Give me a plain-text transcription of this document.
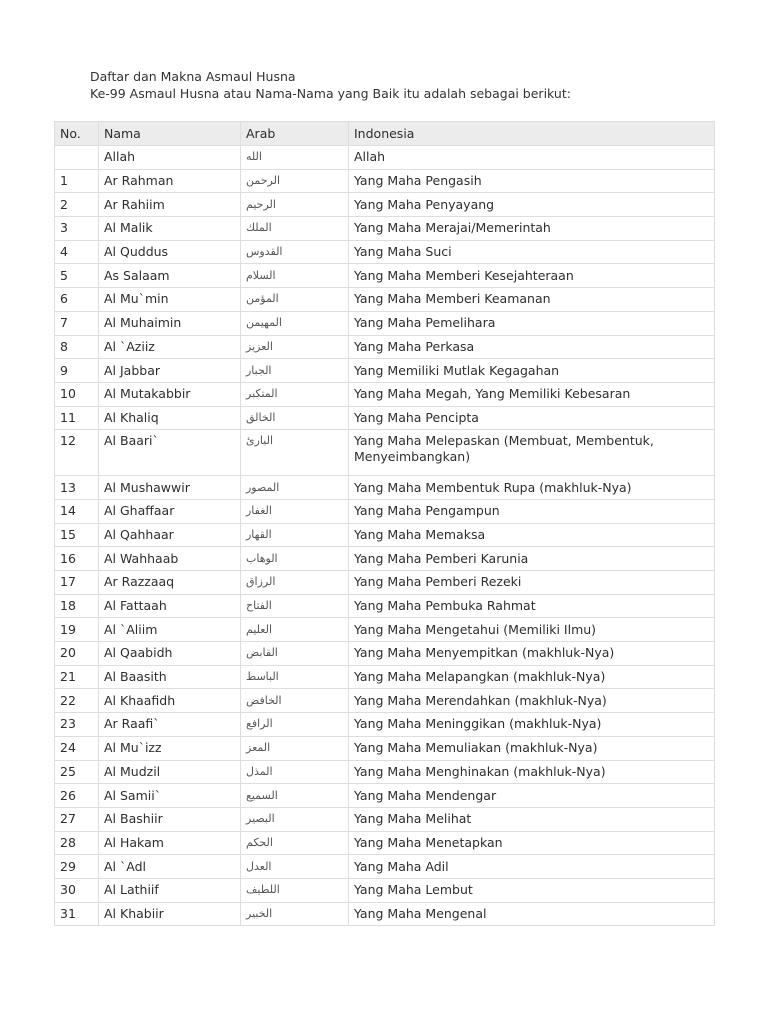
Daftar dan Makna Asmaul Husna
Ke-99 Asmaul Husna atau Nama-Nama yang Baik itu adalah sebagai berikut:
No.	Nama	Arab	Indonesia
	Allah	الله	Allah
1	Ar Rahman	الرحمن	Yang Maha Pengasih
2	Ar Rahiim	الرحيم	Yang Maha Penyayang
3	Al Malik	الملك	Yang Maha Merajai/Memerintah
4	Al Quddus	القدوس	Yang Maha Suci
5	As Salaam	السلام	Yang Maha Memberi Kesejahteraan
6	Al Mu`min	المؤمن	Yang Maha Memberi Keamanan
7	Al Muhaimin	المهيمن	Yang Maha Pemelihara
8	Al `Aziiz	العزيز	Yang Maha Perkasa
9	Al Jabbar	الجبار	Yang Memiliki Mutlak Kegagahan
10	Al Mutakabbir	المتكبر	Yang Maha Megah, Yang Memiliki Kebesaran
11	Al Khaliq	الخالق	Yang Maha Pencipta
12	Al Baari`	البارئ	Yang Maha Melepaskan (Membuat, Membentuk, Menyeimbangkan)
13	Al Mushawwir	المصور	Yang Maha Membentuk Rupa (makhluk-Nya)
14	Al Ghaffaar	الغفار	Yang Maha Pengampun
15	Al Qahhaar	القهار	Yang Maha Memaksa
16	Al Wahhaab	الوهاب	Yang Maha Pemberi Karunia
17	Ar Razzaaq	الرزاق	Yang Maha Pemberi Rezeki
18	Al Fattaah	الفتاح	Yang Maha Pembuka Rahmat
19	Al `Aliim	العليم	Yang Maha Mengetahui (Memiliki Ilmu)
20	Al Qaabidh	القابض	Yang Maha Menyempitkan (makhluk-Nya)
21	Al Baasith	الباسط	Yang Maha Melapangkan (makhluk-Nya)
22	Al Khaafidh	الخافض	Yang Maha Merendahkan (makhluk-Nya)
23	Ar Raafi`	الرافع	Yang Maha Meninggikan (makhluk-Nya)
24	Al Mu`izz	المعز	Yang Maha Memuliakan (makhluk-Nya)
25	Al Mudzil	المذل	Yang Maha Menghinakan (makhluk-Nya)
26	Al Samii`	السميع	Yang Maha Mendengar
27	Al Bashiir	البصير	Yang Maha Melihat
28	Al Hakam	الحكم	Yang Maha Menetapkan
29	Al `Adl	العدل	Yang Maha Adil
30	Al Lathiif	اللطيف	Yang Maha Lembut
31	Al Khabiir	الخبير	Yang Maha Mengenal
